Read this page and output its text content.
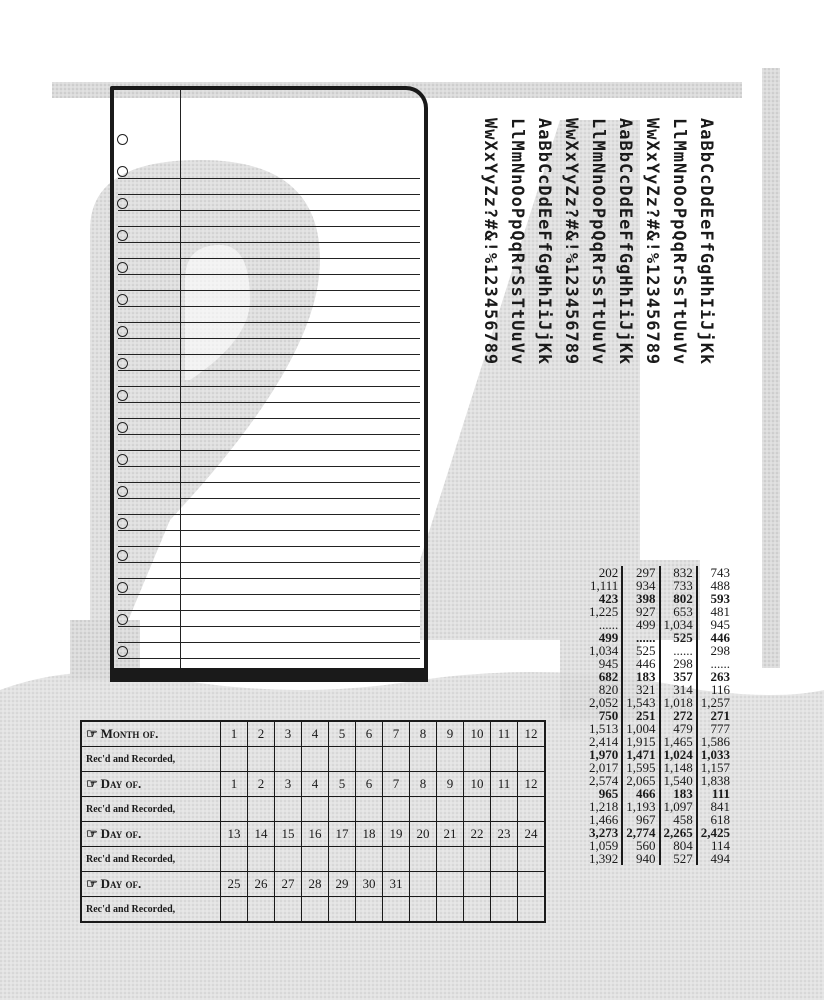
AaBbCcDdEeFfGgHhIiJjKk
LlMmNnOoPpQqRrSsTtUuVv
WwXxYyZz?#&!%123456789
AaBbCcDdEeFfGgHhIiJjKk
LlMmNnOoPpQqRrSsTtUuVv
WwXxYyZz?#&!%123456789
AaBbCcDdEeFfGgHhIiJjKk
LlMmNnOoPpQqRrSsTtUuVv
WwXxYyZz?#&!%123456789
202	297	832	743
1,111	934	733	488
423	398	802	593
1,225	927	653	481
......	499	1,034	945
499	......	525	446
1,034	525	......	298
945	446	298	......
682	183	357	263
820	321	314	116
2,052	1,543	1,018	1,257
750	251	272	271
1,513	1,004	479	777
2,414	1,915	1,465	1,586
1,970	1,471	1,024	1,033
2,017	1,595	1,148	1,157
2,574	2,065	1,540	1,838
965	466	183	111
1,218	1,193	1,097	841
1,466	967	458	618
3,273	2,774	2,265	2,425
1,059	560	804	114
1,392	940	527	494
☞ Month of.	1	2	3	4	5	6	7	8	9	10	11	12
Rec'd and Recorded,												
☞ Day of.	1	2	3	4	5	6	7	8	9	10	11	12
Rec'd and Recorded,												
☞ Day of.	13	14	15	16	17	18	19	20	21	22	23	24
Rec'd and Recorded,												
☞ Day of.	25	26	27	28	29	30	31					
Rec'd and Recorded,												
